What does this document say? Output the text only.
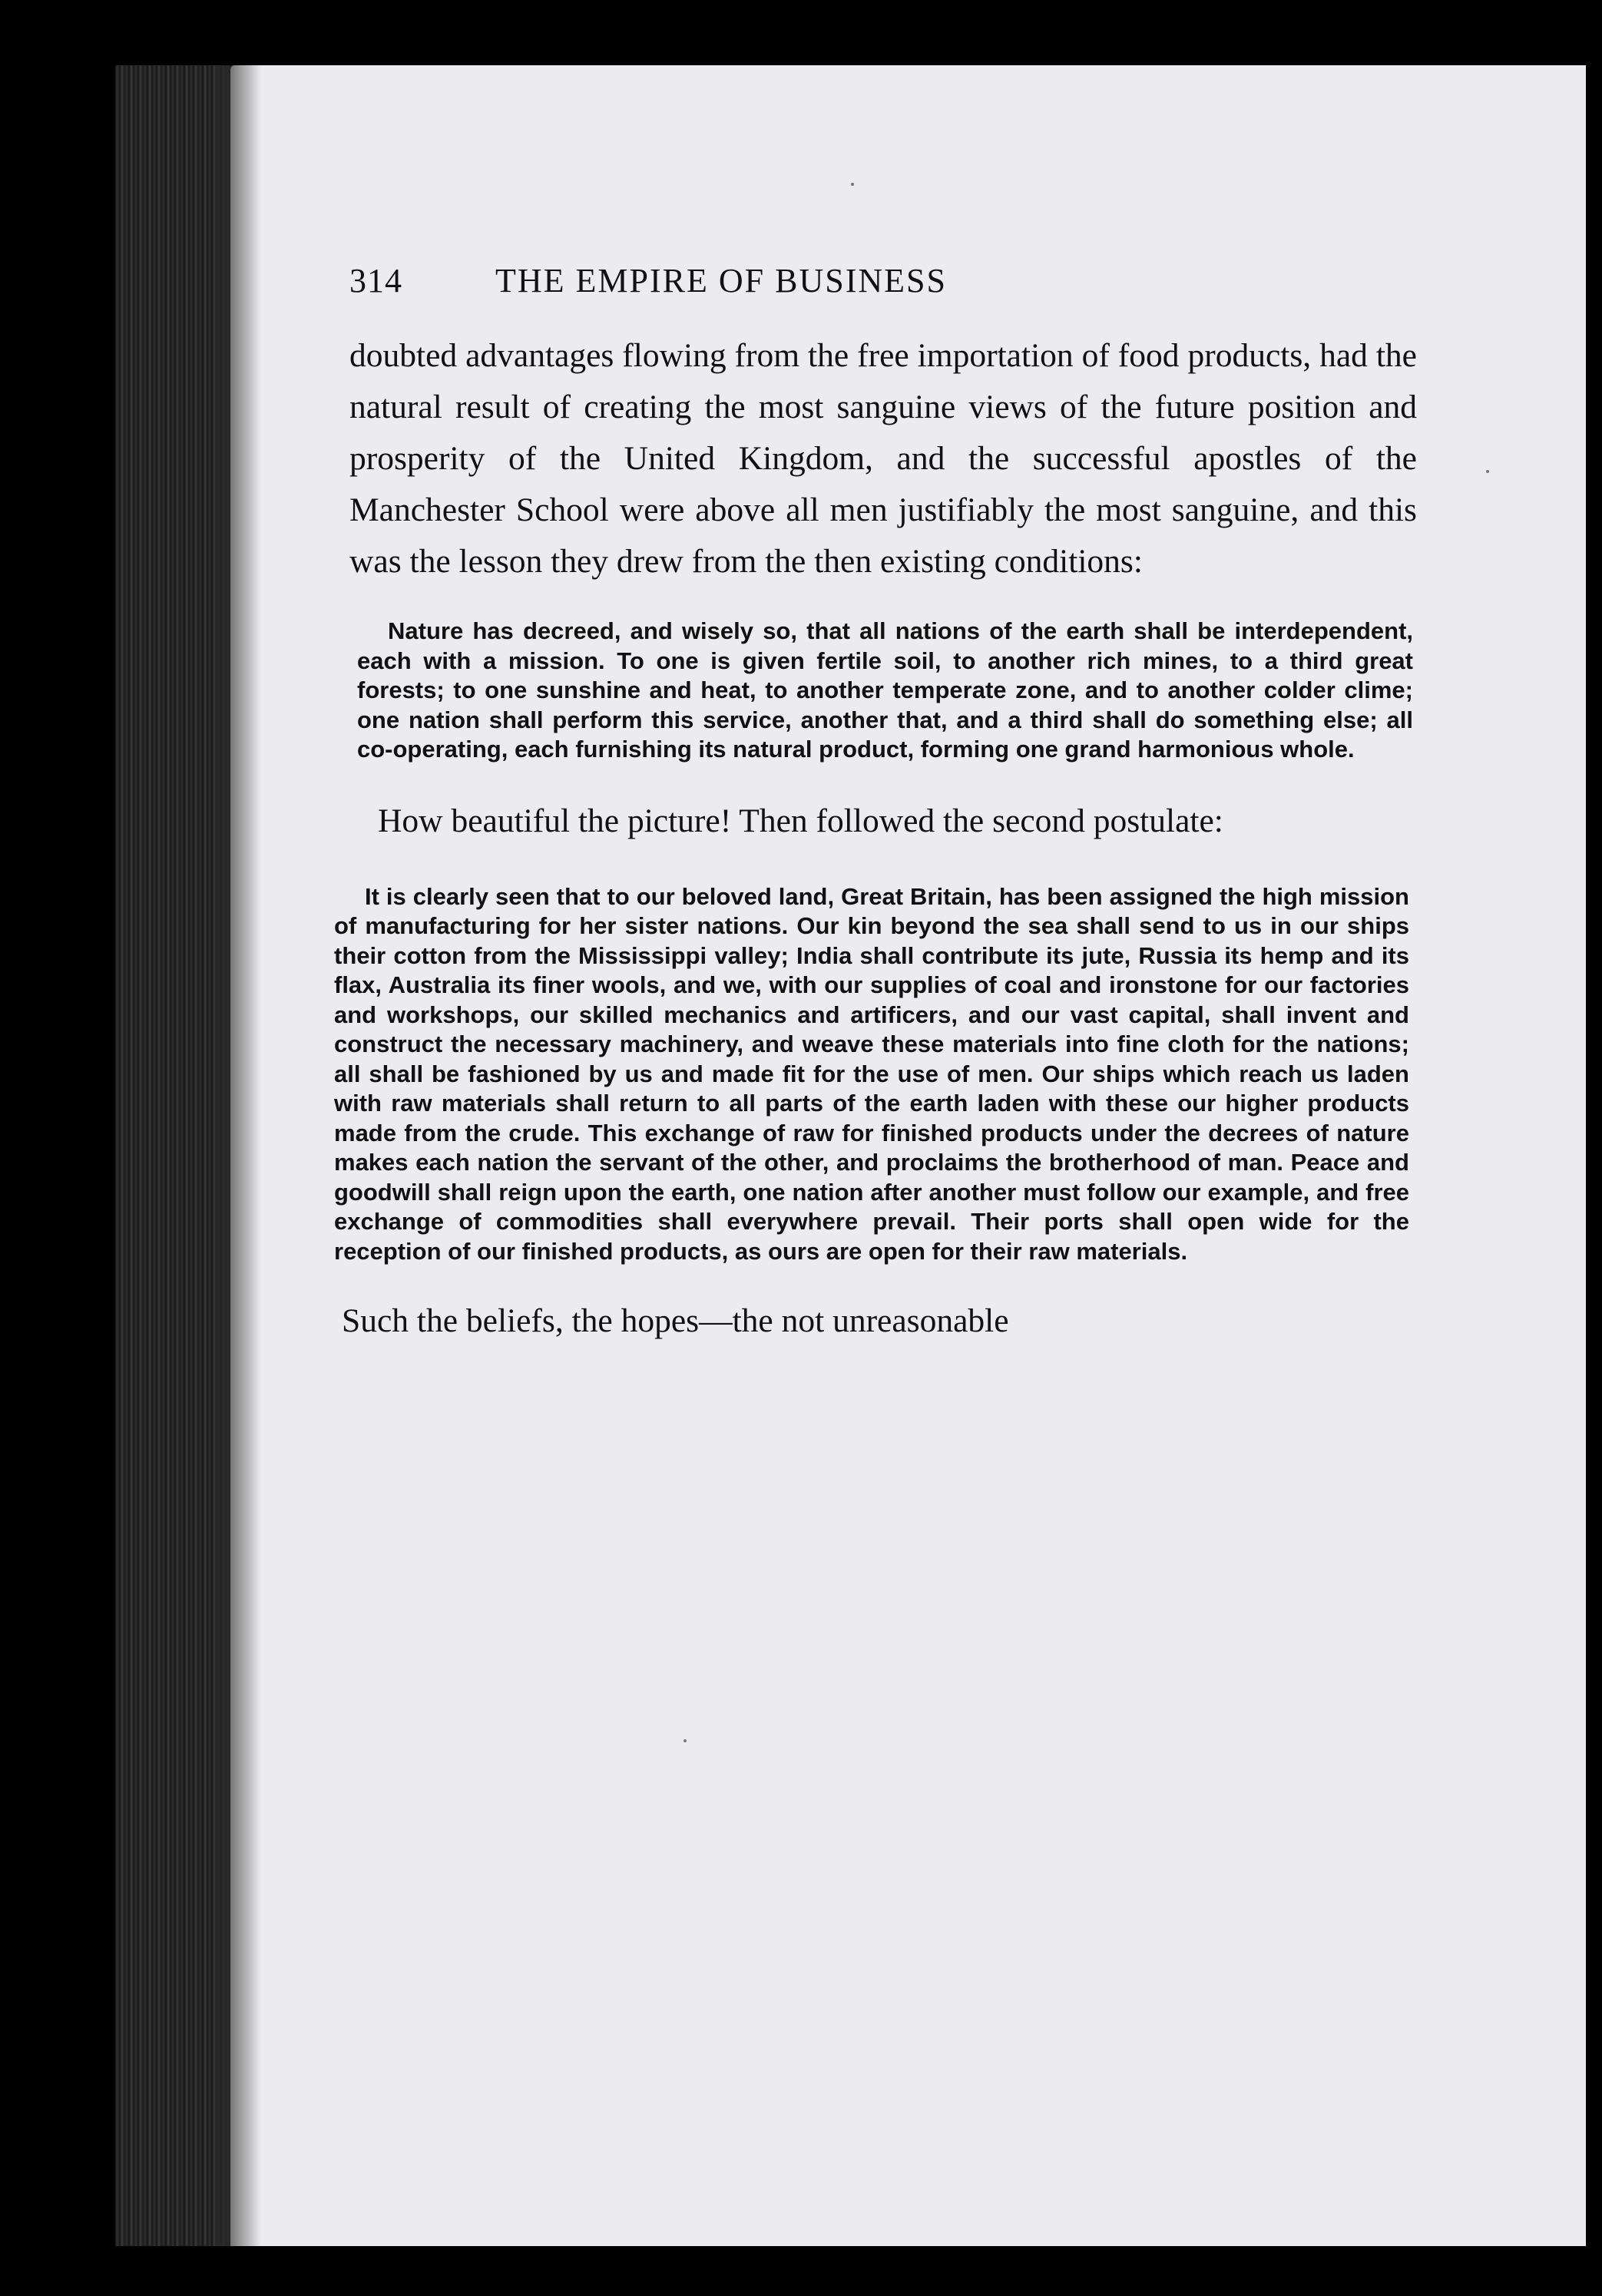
314	THE EMPIRE OF BUSINESS

doubted advantages flowing from the free importation of food products, had the natural result of creating the most sanguine views of the future position and prosperity of the United Kingdom, and the successful apostles of the Manchester School were above all men justifiably the most sanguine, and this was the lesson they drew from the then existing conditions:

Nature has decreed, and wisely so, that all nations of the earth shall be interdependent, each with a mission. To one is given fertile soil, to another rich mines, to a third great forests; to one sunshine and heat, to another temperate zone, and to another colder clime; one nation shall perform this service, another that, and a third shall do something else; all co-operating, each furnishing its natural product, forming one grand harmonious whole.

How beautiful the picture! Then followed the second postulate:

It is clearly seen that to our beloved land, Great Britain, has been assigned the high mission of manufacturing for her sister nations. Our kin beyond the sea shall send to us in our ships their cotton from the Mississippi valley; India shall contribute its jute, Russia its hemp and its flax, Australia its finer wools, and we, with our supplies of coal and ironstone for our factories and workshops, our skilled mechanics and artificers, and our vast capital, shall invent and construct the necessary machinery, and weave these materials into fine cloth for the nations; all shall be fashioned by us and made fit for the use of men. Our ships which reach us laden with raw materials shall return to all parts of the earth laden with these our higher products made from the crude. This exchange of raw for finished products under the decrees of nature makes each nation the servant of the other, and proclaims the brotherhood of man. Peace and goodwill shall reign upon the earth, one nation after another must follow our example, and free exchange of commodities shall everywhere prevail. Their ports shall open wide for the reception of our finished products, as ours are open for their raw materials.

Such the beliefs, the hopes—the not unreasonable
